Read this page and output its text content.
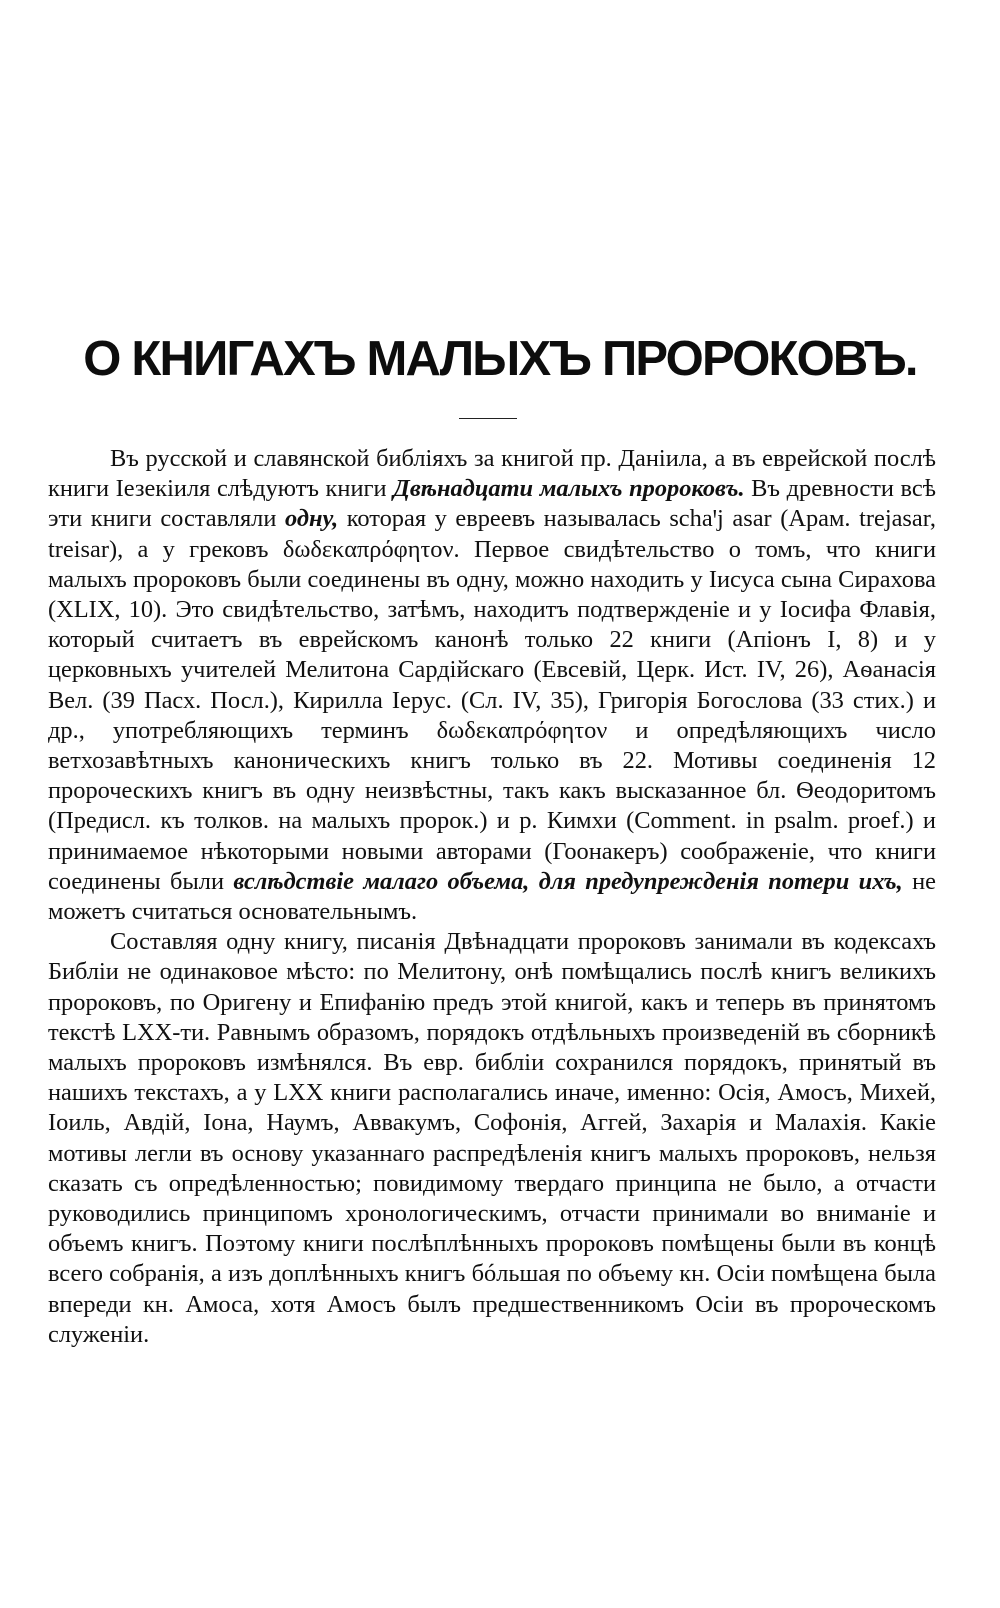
О КНИГАХЪ МАЛЫХЪ ПРОРОКОВЪ.

Въ русской и славянской библіяхъ за книгой пр. Даніила, а въ еврейской послѣ книги Іезекіиля слѣдуютъ книги Двѣнадцати малыхъ пророковъ. Въ древности всѣ эти книги составляли одну, которая у евреевъ называлась schaꞌj asar (Арам. trejasar, treisar), а у грековъ δωδεκαπρόφητον. Первое свидѣтельство о томъ, что книги малыхъ пророковъ были соединены въ одну, можно находить у Іисуса сына Сирахова (XLIX, 10). Это свидѣтельство, затѣмъ, находитъ подтвержденіе и у Іосифа Флавія, который считаетъ въ еврейскомъ канонѣ только 22 книги (Апіонъ I, 8) и у церковныхъ учителей Мелитона Сардійскаго (Евсевій, Церк. Ист. IV, 26), Аѳанасія Вел. (39 Пасх. Посл.), Кирилла Іерус. (Сл. IV, 35), Григорія Богослова (33 стих.) и др., употребляющихъ терминъ δωδεκαπρόφητον и опредѣляющихъ число ветхозавѣтныхъ каноническихъ книгъ только въ 22. Мотивы соединенія 12 пророческихъ книгъ въ одну неизвѣстны, такъ какъ высказанное бл. Ѳеодоритомъ (Предисл. къ толков. на малыхъ пророк.) и р. Кимхи (Comment. in psalm. proef.) и принимаемое нѣкоторыми новыми авторами (Гоонакеръ) соображеніе, что книги соединены были вслѣдствіе малаго объема, для предупрежденія потери ихъ, не можетъ считаться основательнымъ.

Составляя одну книгу, писанія Двѣнадцати пророковъ занимали въ кодексахъ Библіи не одинаковое мѣсто: по Мелитону, онѣ помѣщались послѣ книгъ великихъ пророковъ, по Оригену и Епифанію предъ этой книгой, какъ и теперь въ принятомъ текстѣ LXX-ти. Равнымъ образомъ, порядокъ отдѣльныхъ произведеній въ сборникѣ малыхъ пророковъ измѣнялся. Въ евр. библіи сохранился порядокъ, принятый въ нашихъ текстахъ, а у LXX книги располагались иначе, именно: Осія, Амосъ, Михей, Іоиль, Авдій, Іона, Наумъ, Аввакумъ, Софонія, Аггей, Захарія и Малахія. Какіе мотивы легли въ основу указаннаго распредѣленія книгъ малыхъ пророковъ, нельзя сказать съ опредѣленностью; повидимому твердаго принципа не было, а отчасти руководились принципомъ хронологическимъ, отчасти принимали во вниманіе и объемъ книгъ. Поэтому книги послѣплѣнныхъ пророковъ помѣщены были въ концѣ всего собранія, а изъ доплѣнныхъ книгъ бóльшая по объему кн. Осіи помѣщена была впереди кн. Амоса, хотя Амосъ былъ предшественникомъ Осіи въ пророческомъ служеніи.
